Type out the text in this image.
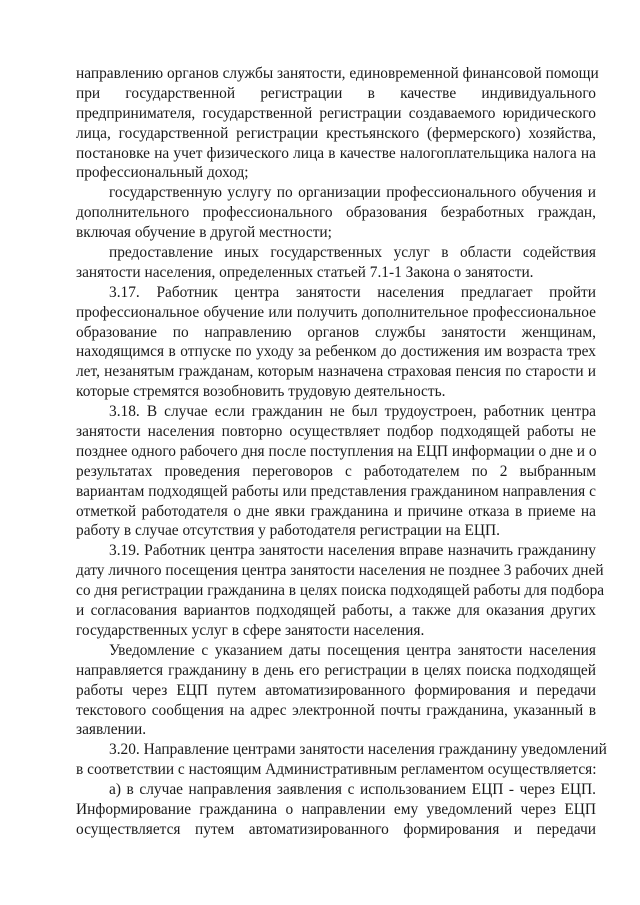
направлению органов службы занятости, единовременной финансовой помощи
при государственной регистрации в качестве индивидуального
предпринимателя, государственной регистрации создаваемого юридического
лица, государственной регистрации крестьянского (фермерского) хозяйства,
постановке на учет физического лица в качестве налогоплательщика налога на
профессиональный доход;
государственную услугу по организации профессионального обучения и
дополнительного профессионального образования безработных граждан,
включая обучение в другой местности;
предоставление иных государственных услуг в области содействия
занятости населения, определенных статьей 7.1-1 Закона о занятости.
3.17. Работник центра занятости населения предлагает пройти
профессиональное обучение или получить дополнительное профессиональное
образование по направлению органов службы занятости женщинам,
находящимся в отпуске по уходу за ребенком до достижения им возраста трех
лет, незанятым гражданам, которым назначена страховая пенсия по старости и
которые стремятся возобновить трудовую деятельность.
3.18. В случае если гражданин не был трудоустроен, работник центра
занятости населения повторно осуществляет подбор подходящей работы не
позднее одного рабочего дня после поступления на ЕЦП информации о дне и о
результатах проведения переговоров с работодателем по 2 выбранным
вариантам подходящей работы или представления гражданином направления с
отметкой работодателя о дне явки гражданина и причине отказа в приеме на
работу в случае отсутствия у работодателя регистрации на ЕЦП.
3.19. Работник центра занятости населения вправе назначить гражданину
дату личного посещения центра занятости населения не позднее 3 рабочих дней
со дня регистрации гражданина в целях поиска подходящей работы для подбора
и согласования вариантов подходящей работы, а также для оказания других
государственных услуг в сфере занятости населения.
Уведомление с указанием даты посещения центра занятости населения
направляется гражданину в день его регистрации в целях поиска подходящей
работы через ЕЦП путем автоматизированного формирования и передачи
текстового сообщения на адрес электронной почты гражданина, указанный в
заявлении.
3.20. Направление центрами занятости населения гражданину уведомлений
в соответствии с настоящим Административным регламентом осуществляется:
а) в случае направления заявления с использованием ЕЦП - через ЕЦП.
Информирование гражданина о направлении ему уведомлений через ЕЦП
осуществляется путем автоматизированного формирования и передачи
